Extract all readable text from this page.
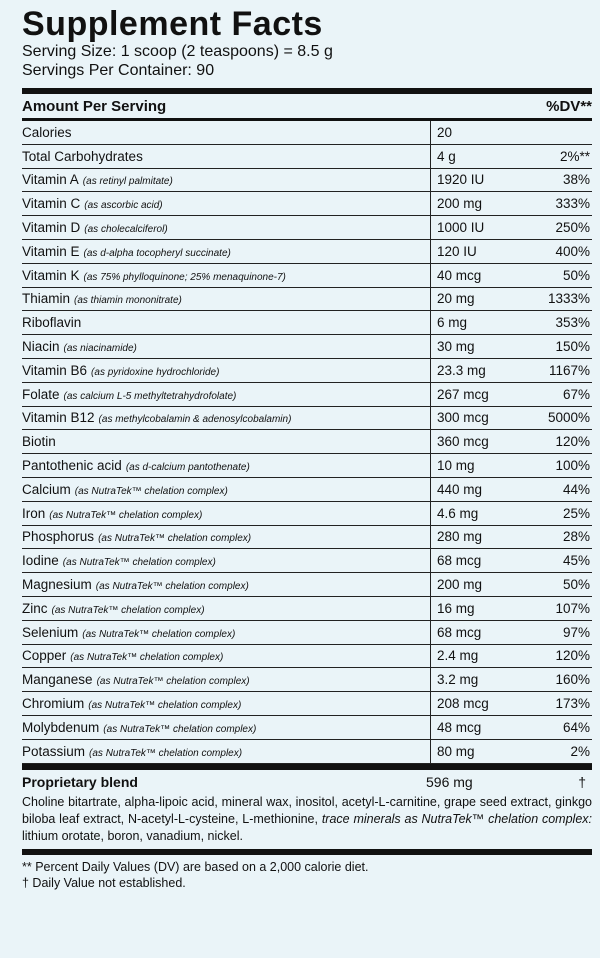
Supplement Facts
Serving Size: 1 scoop (2 teaspoons) = 8.5 g
Servings Per Container: 90
Amount Per Serving	%DV**
Calories	20
Total Carbohydrates	4 g	2%**
Vitamin A (as retinyl palmitate)	1920 IU	38%
Vitamin C (as ascorbic acid)	200 mg	333%
Vitamin D (as cholecalciferol)	1000 IU	250%
Vitamin E (as d-alpha tocopheryl succinate)	120 IU	400%
Vitamin K (as 75% phylloquinone; 25% menaquinone-7)	40 mcg	50%
Thiamin (as thiamin mononitrate)	20 mg	1333%
Riboflavin	6 mg	353%
Niacin (as niacinamide)	30 mg	150%
Vitamin B6 (as pyridoxine hydrochloride)	23.3 mg	1167%
Folate (as calcium L-5 methyltetrahydrofolate)	267 mcg	67%
Vitamin B12 (as methylcobalamin & adenosylcobalamin)	300 mcg	5000%
Biotin	360 mcg	120%
Pantothenic acid (as d-calcium pantothenate)	10 mg	100%
Calcium (as NutraTek™ chelation complex)	440 mg	44%
Iron (as NutraTek™ chelation complex)	4.6 mg	25%
Phosphorus (as NutraTek™ chelation complex)	280 mg	28%
Iodine (as NutraTek™ chelation complex)	68 mcg	45%
Magnesium (as NutraTek™ chelation complex)	200 mg	50%
Zinc (as NutraTek™ chelation complex)	16 mg	107%
Selenium (as NutraTek™ chelation complex)	68 mcg	97%
Copper (as NutraTek™ chelation complex)	2.4 mg	120%
Manganese (as NutraTek™ chelation complex)	3.2 mg	160%
Chromium (as NutraTek™ chelation complex)	208 mcg	173%
Molybdenum (as NutraTek™ chelation complex)	48 mcg	64%
Potassium (as NutraTek™ chelation complex)	80 mg	2%
Proprietary blend	596 mg	†
Choline bitartrate, alpha-lipoic acid, mineral wax, inositol, acetyl-L-carnitine, grape seed extract, ginkgo biloba leaf extract, N-acetyl-L-cysteine, L-methionine, trace minerals as NutraTek™ chelation complex: lithium orotate, boron, vanadium, nickel.
** Percent Daily Values (DV) are based on a 2,000 calorie diet.
† Daily Value not established.
